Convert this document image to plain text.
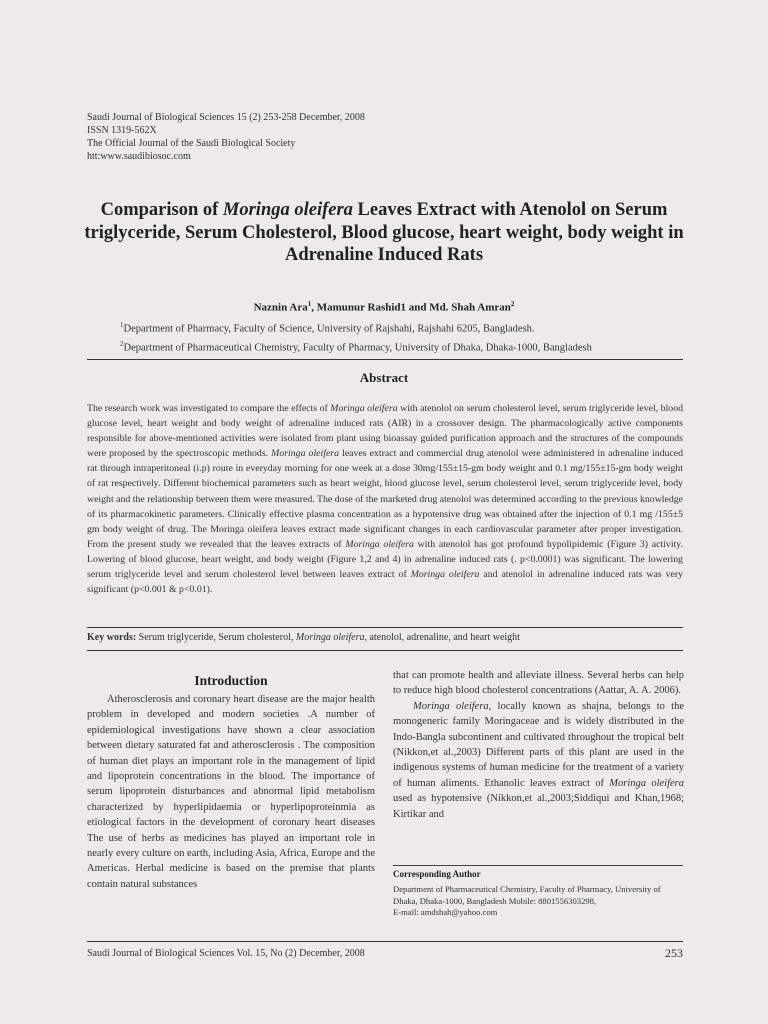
Saudi Journal of Biological Sciences 15 (2) 253-258 December, 2008
ISSN 1319-562X
The Official Journal of the Saudi Biological Society
htt:www.saudibiosoc.com
Comparison of Moringa oleifera Leaves Extract with Atenolol on Serum triglyceride, Serum Cholesterol, Blood glucose, heart weight, body weight in Adrenaline Induced Rats
Naznin Ara$^1$, Mamunur Rashid1 and Md. Shah Amran$^2$
$^1$Department of Pharmacy, Faculty of Science, University of Rajshahi, Rajshahi 6205, Bangladesh.
$^2$Department of Pharmaceutical Chemistry, Faculty of Pharmacy, University of Dhaka, Dhaka-1000, Bangladesh
Abstract
The research work was investigated to compare the effects of Moringa oleifera with atenolol on serum cholesterol level, serum triglyceride level, blood glucose level, heart weight and body weight of adrenaline induced rats (AIR) in a crossover design. The pharmacologically active components responsible for above-mentioned activities were isolated from plant using bioassay guided purification approach and the structures of the compounds were proposed by the spectroscopic methods. Moringa oleifera leaves extract and commercial drug atenolol were administered in adrenaline induced rat through intraperitoneal (i.p) route in everyday morning for one week at a dose 30mg/155±15-gm body weight and 0.1 mg/155±15-gm body weight of rat respectively. Different biochemical parameters such as heart weight, blood glucose level, serum cholesterol level, serum triglyceride level, body weight and the relationship between them were measured. The dose of the marketed drug atenolol was determined according to the previous knowledge of its pharmacokinetic parameters. Clinically effective plasma concentration as a hypotensive drug was obtained after the injection of 0.1 mg /155±5 gm body weight of drug. The Moringa oleifera leaves extract made significant changes in each cardiovascular parameter after proper investigation. From the present study we revealed that the leaves extracts of Moringa oleifera with atenolol has got profound hypolipidemic (Figure 3) activity. Lowering of blood glucose, heart weight, and body weight (Figure 1,2 and 4) in adrenaline induced rats (. p<0.0001) was significant. The lowering serum triglyceride level and serum cholesterol level between leaves extract of Moringa oleifera and atenolol in adrenaline induced rats was very significant (p<0.001 & p<0.01).
Key words: Serum triglyceride, Serum cholesterol, Moringa oleifera, atenolol, adrenaline, and heart weight
Introduction

Atherosclerosis and coronary heart disease are the major health problem in developed and modern societies .A number of epidemiological investigations have shown a clear association between dietary saturated fat and atherosclerosis . The composition of human diet plays an important role in the management of lipid and lipoprotein concentrations in the blood. The importance of serum lipoprotein disturbances and abnormal lipid metabolism characterized by hyperlipidaemia or hyperlipoproteinmia as etiological factors in the development of coronary heart diseases The use of herbs as medicines has played an important role in nearly every culture on earth, including Asia, Africa, Europe and the Americas. Herbal medicine is based on the premise that plants contain natural substances

that can promote health and alleviate illness. Several herbs can help to reduce high blood cholesterol concentrations (Aattar, A. A. 2006).

Moringa oleifera, locally known as shajna, belongs to the monogeneric family Moringaceae and is widely distributed in the Indo-Bangla subcontinent and cultivated throughout the tropical belt (Nikkon,et al.,2003) Different parts of this plant are used in the indigenous systems of human medicine for the treatment of a variety of human aliments. Ethanolic leaves extract of Moringa oleifera used as hypotensive (Nikkon,et al.,2003;Siddiqui and Khan,1968; Kirtikar and

Corresponding Author
Department of Pharmaceutical Chemistry, Faculty of Pharmacy, University of Dhaka, Dhaka-1000, Bangladesh Mobile: 8801556303298,
E-mail: amdshah@yahoo.com
Saudi Journal of Biological Sciences Vol. 15, No (2) December, 2008	253
